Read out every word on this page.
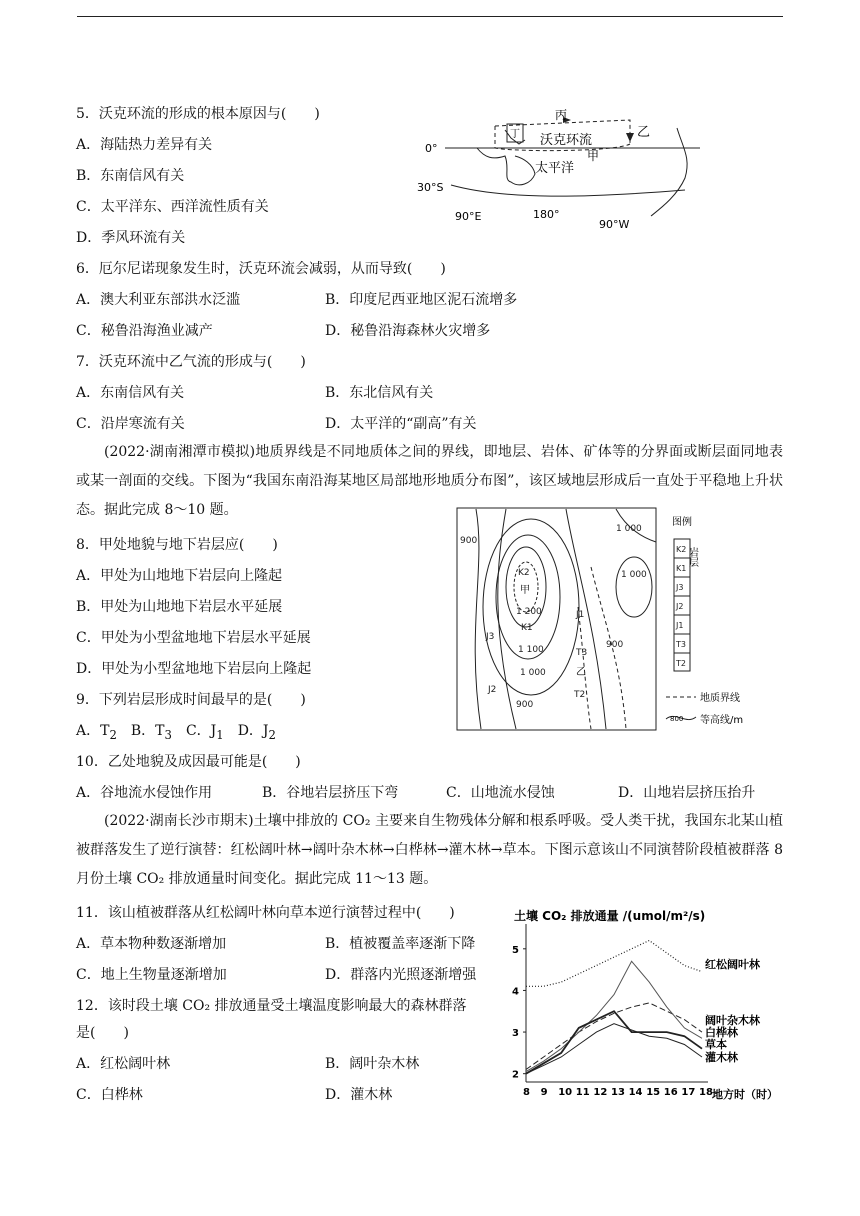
5．沃克环流的形成的根本原因与(　　)
A．海陆热力差异有关
B．东南信风有关
C．太平洋东、西洋流性质有关
D．季风环流有关
丙
沃克环流
乙
甲
丁
太平洋
0°
30°S
90°E	180°
90°W
6．厄尔尼诺现象发生时，沃克环流会减弱，从而导致(　　)
A．澳大利亚东部洪水泛滥	B．印度尼西亚地区泥石流增多
C．秘鲁沿海渔业减产	D．秘鲁沿海森林火灾增多
7．沃克环流中乙气流的形成与(　　)
A．东南信风有关	B．东北信风有关
C．沿岸寒流有关	D．太平洋的“副高”有关
(2022·湖南湘潭市模拟)地质界线是不同地质体之间的界线，即地层、岩体、矿体等的分界面或断层面同地表或某一剖面的交线。下图为“我国东南沿海某地区局部地形地质分布图”，该区域地层形成后一直处于平稳地上升状态。据此完成 8～10 题。
900
1 200
1 100
1 000
900
1 000
1 000
900
K2
K1
J3
J2
J1
T3
T2
甲
乙
图例
岩层
K2
K1
J3
J2
J1
T3
T2
地质界线
800 等高线/m
8．甲处地貌与地下岩层应(　　)
A．甲处为山地地下岩层向上隆起
B．甲处为山地地下岩层水平延展
C．甲处为小型盆地地下岩层水平延展
D．甲处为小型盆地地下岩层向上隆起
9．下列岩层形成时间最早的是(　　)
A．$T_2$　 B．$T_3$　 C．$J_1$　 D．$J_2$
10．乙处地貌及成因最可能是(　　)
A．谷地流水侵蚀作用	B．谷地岩层挤压下弯	C．山地流水侵蚀	D．山地岩层挤压抬升
(2022·湖南长沙市期末)土壤中排放的 CO₂ 主要来自生物残体分解和根系呼吸。受人类干扰，我国东北某山植被群落发生了逆行演替：红松阔叶林→阔叶杂木林→白桦林→灌木林→草本。下图示意该山不同演替阶段植被群落 8 月份土壤 CO₂ 排放通量时间变化。据此完成 11～13 题。
11．该山植被群落从红松阔叶林向草本逆行演替过程中(　　)
A．草本物种数逐渐增加	B．植被覆盖率逐渐下降
C．地上生物量逐渐增加	D．群落内光照逐渐增强
12．该时段土壤 CO₂ 排放通量受土壤温度影响最大的森林群落
是(　　)
A．红松阔叶林	B．阔叶杂木林
C．白桦林	D．灌木林
土壤 CO₂ 排放通量 /(umol/m²/s)
8 9 10 11 12 13 14 15 16 17 18
2
3
4
5
红松阔叶林
阔叶杂木林
白桦林
草本
灌木林
地方时（时）
